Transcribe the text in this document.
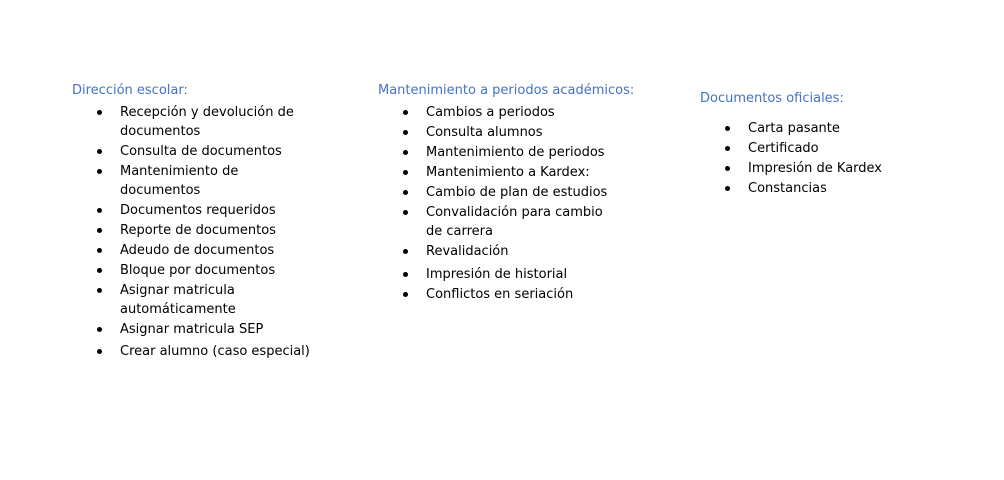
Dirección escolar:
Recepción y devolución de documentos
Consulta de documentos
Mantenimiento de documentos
Documentos requeridos
Reporte de documentos
Adeudo de documentos
Bloque por documentos
Asignar matricula automáticamente
Asignar matricula SEP
Crear alumno (caso especial)
Mantenimiento a periodos académicos:
Cambios a periodos
Consulta alumnos
Mantenimiento de periodos
Mantenimiento a Kardex:
Cambio de plan de estudios
Convalidación para cambio de carrera
Revalidación
Impresión de historial
Conflictos en seriación
Documentos oficiales:
Carta pasante
Certificado
Impresión de Kardex
Constancias
